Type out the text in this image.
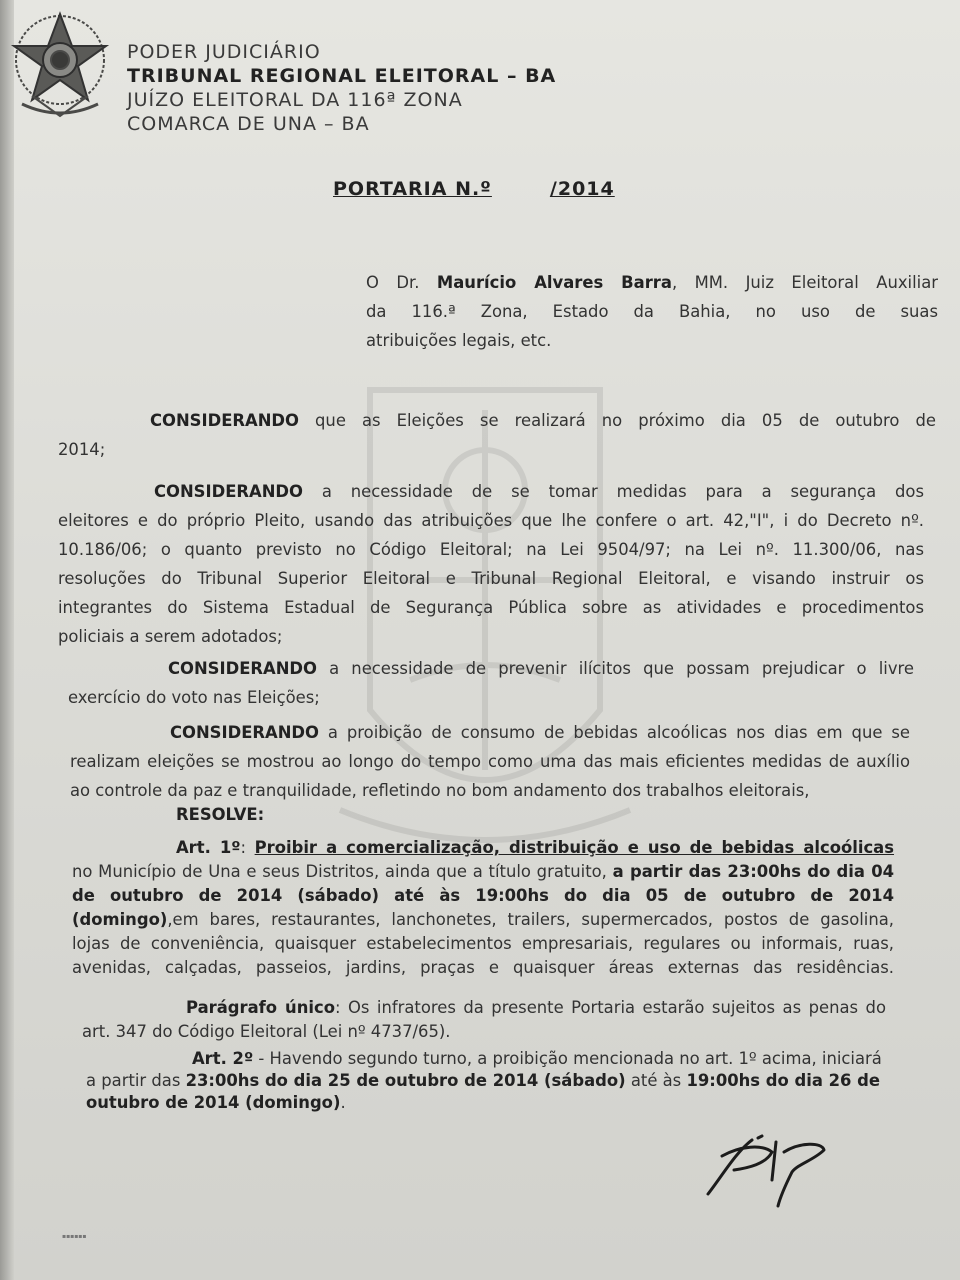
PODER JUDICIÁRIO
TRIBUNAL REGIONAL ELEITORAL – BA
JUÍZO ELEITORAL DA 116ª ZONA
COMARCA DE UNA – BA
PORTARIA N.º	/2014
O Dr. Maurício Alvares Barra, MM. Juiz Eleitoral Auxiliar
da 116.ª Zona, Estado da Bahia, no uso de suas
atribuições legais, etc.
CONSIDERANDO que as Eleições se realizará no próximo dia 05 de outubro de
2014;
CONSIDERANDO a necessidade de se tomar medidas para a segurança dos
eleitores e do próprio Pleito, usando das atribuições que lhe confere o art. 42,"I", i do Decreto nº.
10.186/06; o quanto previsto no Código Eleitoral; na Lei 9504/97; na Lei nº. 11.300/06, nas
resoluções do Tribunal Superior Eleitoral e Tribunal Regional Eleitoral, e visando instruir os
integrantes do Sistema Estadual de Segurança Pública sobre as atividades e procedimentos
policiais a serem adotados;
CONSIDERANDO a necessidade de prevenir ilícitos que possam prejudicar o livre
exercício do voto nas Eleições;
CONSIDERANDO a proibição de consumo de bebidas alcoólicas nos dias em que se
realizam eleições se mostrou ao longo do tempo como uma das mais eficientes medidas de auxílio
ao controle da paz e tranquilidade, refletindo no bom andamento dos trabalhos eleitorais,
RESOLVE:
Art. 1º: Proibir a comercialização, distribuição e uso de bebidas alcoólicas
no Município de Una e seus Distritos, ainda que a título gratuito, a partir das 23:00hs do dia 04
de outubro de 2014 (sábado) até às 19:00hs do dia 05 de outubro de 2014
(domingo),em bares, restaurantes, lanchonetes, trailers, supermercados, postos de gasolina,
lojas de conveniência, quaisquer estabelecimentos empresariais, regulares ou informais, ruas,
avenidas, calçadas, passeios, jardins, praças e quaisquer áreas externas das residências.
Parágrafo único: Os infratores da presente Portaria estarão sujeitos as penas do
art. 347 do Código Eleitoral (Lei nº 4737/65).
Art. 2º - Havendo segundo turno, a proibição mencionada no art. 1º acima, iniciará
a partir das 23:00hs do dia 25 de outubro de 2014 (sábado) até às 19:00hs do dia 26 de
outubro de 2014 (domingo).
▪▪▪▪▪▪
